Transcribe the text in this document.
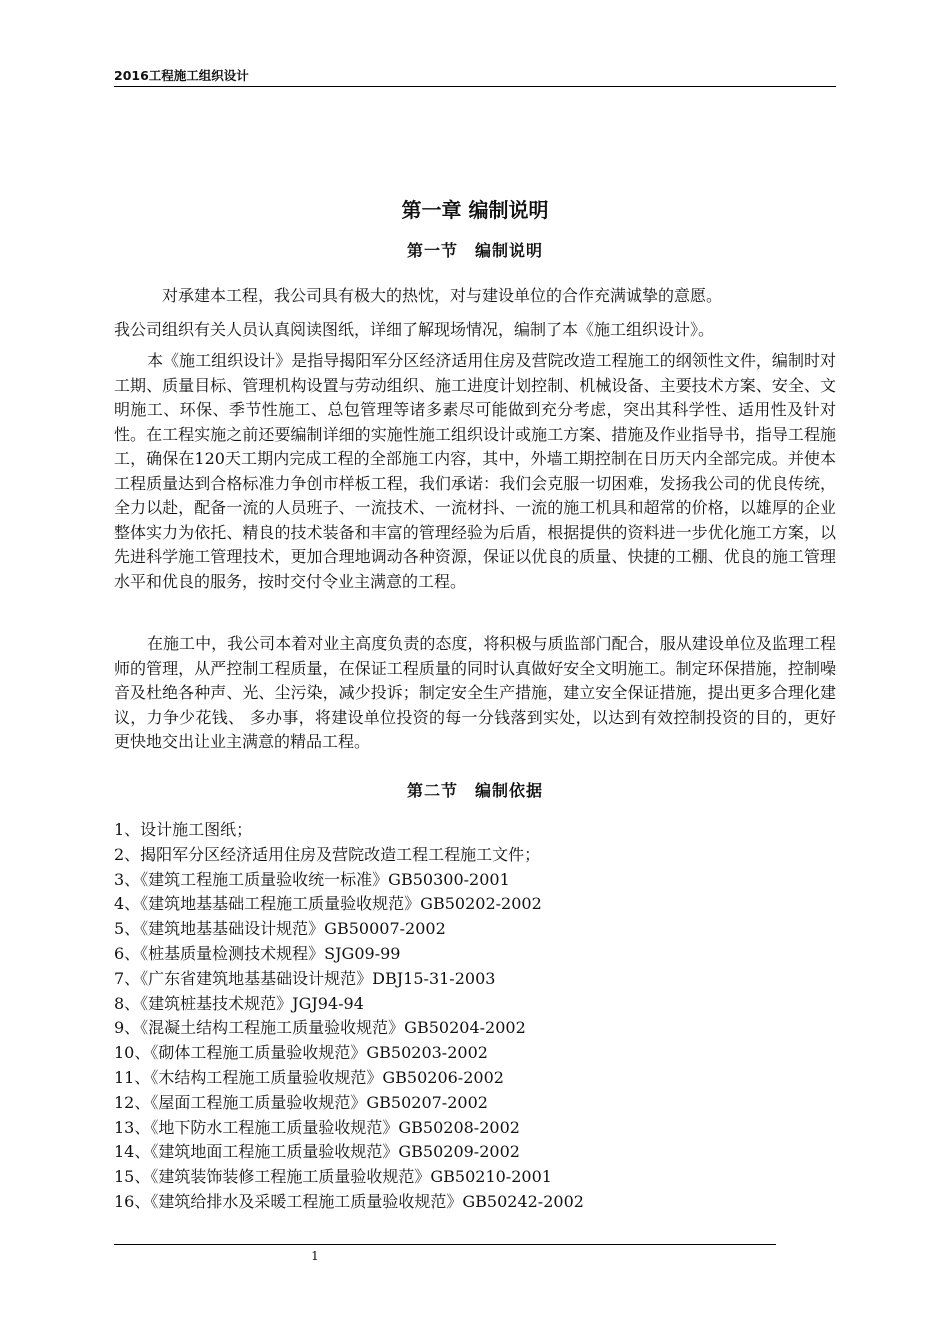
2016工程施工组织设计
第一章 编制说明
第一节　编制说明

对承建本工程，我公司具有极大的热忱，对与建设单位的合作充满诚挚的意愿。

我公司组织有关人员认真阅读图纸，详细了解现场情况，编制了本《施工组织设计》。

本《施工组织设计》是指导揭阳军分区经济适用住房及营院改造工程施工的纲领性文件，编制时对工期、质量目标、管理机构设置与劳动组织、施工进度计划控制、机械设备、主要技术方案、安全、文明施工、环保、季节性施工、总包管理等诸多素尽可能做到充分考虑，突出其科学性、适用性及针对性。在工程实施之前还要编制详细的实施性施工组织设计或施工方案、措施及作业指导书，指导工程施工，确保在120天工期内完成工程的全部施工内容，其中，外墙工期控制在日历天内全部完成。并使本工程质量达到合格标准力争创市样板工程，我们承诺：我们会克服一切困难，发扬我公司的优良传统，全力以赴，配备一流的人员班子、一流技术、一流材抖、一流的施工机具和超常的价格，以雄厚的企业整体实力为依托、精良的技术装备和丰富的管理经验为后盾，根据提供的资料进一步优化施工方案，以先进科学施工管理技术，更加合理地调动各种资源，保证以优良的质量、快捷的工棚、优良的施工管理水平和优良的服务，按时交付令业主满意的工程。

在施工中，我公司本着对业主高度负责的态度，将积极与质监部门配合，服从建设单位及监理工程师的管理，从严控制工程质量，在保证工程质量的同时认真做好安全文明施工。制定环保措施，控制噪音及杜绝各种声、光、尘污染，减少投诉；制定安全生产措施，建立安全保证措施，提出更多合理化建议，力争少花钱、 多办事，将建设单位投资的每一分钱落到实处，以达到有效控制投资的目的，更好更快地交出让业主满意的精品工程。

第二节　编制依据
1、设计施工图纸；
2、揭阳军分区经济适用住房及营院改造工程工程施工文件；
3、《建筑工程施工质量验收统一标准》GB50300-2001
4、《建筑地基基础工程施工质量验收规范》GB50202-2002
5、《建筑地基基础设计规范》GB50007-2002
6、《桩基质量检测技术规程》SJG09-99
7、《广东省建筑地基基础设计规范》DBJ15-31-2003
8、《建筑桩基技术规范》JGJ94-94
9、《混凝土结构工程施工质量验收规范》GB50204-2002
10、《砌体工程施工质量验收规范》GB50203-2002
11、《木结构工程施工质量验收规范》GB50206-2002
12、《屋面工程施工质量验收规范》GB50207-2002
13、《地下防水工程施工质量验收规范》GB50208-2002
14、《建筑地面工程施工质量验收规范》GB50209-2002
15、《建筑装饰装修工程施工质量验收规范》GB50210-2001
16、《建筑给排水及采暖工程施工质量验收规范》GB50242-2002
1
